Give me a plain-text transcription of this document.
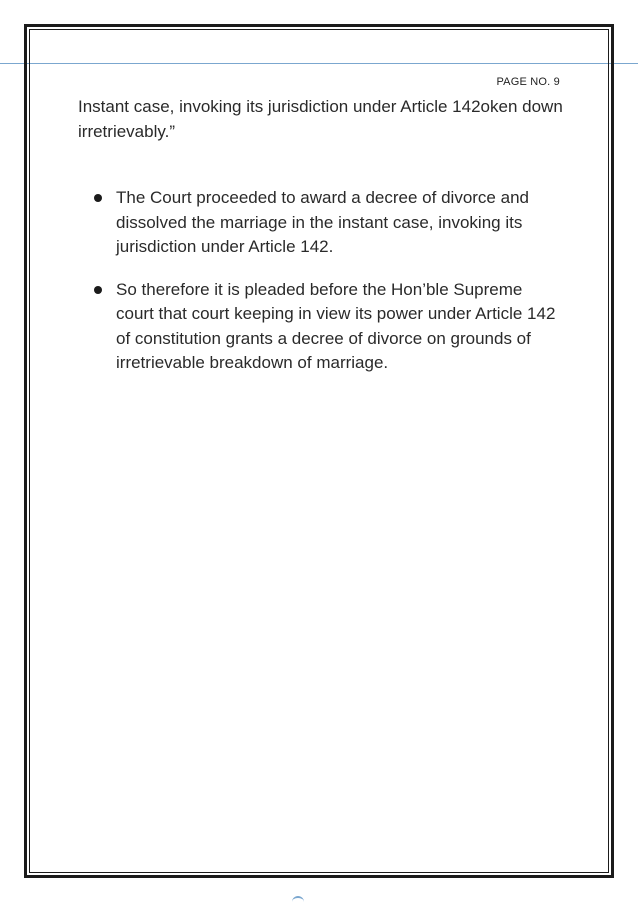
PAGE NO. 9

Instant case, invoking its jurisdiction under Article 142oken down irretrievably.”

The Court proceeded to award a decree of divorce and dissolved the marriage in the instant case, invoking its jurisdiction under Article 142.
So therefore it is pleaded before the Hon’ble Supreme court that court keeping in view its power under Article 142 of constitution grants a decree of divorce on grounds of irretrievable breakdown of marriage.
